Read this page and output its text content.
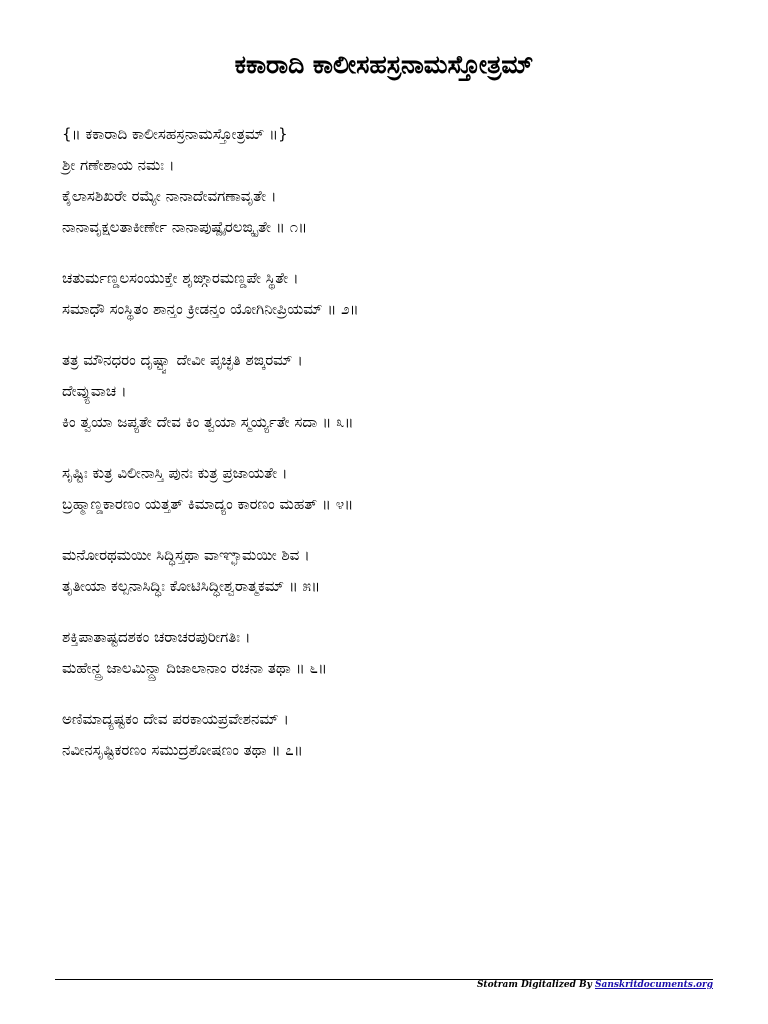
ಕಕಾರಾದಿ ಕಾಲೀಸಹಸ್ರನಾಮಸ್ತೋತ್ರಮ್
{॥ ಕಕಾರಾದಿ ಕಾಲೀಸಹಸ್ರನಾಮಸ್ತೋತ್ರಮ್ ॥}
ಶ್ರೀ ಗಣೇಶಾಯ ನಮಃ ।
ಕೈಲಾಸಶಿಖರೇ ರಮ್ಯೇ ನಾನಾದೇವಗಣಾವೃತೇ ।
ನಾನಾವೃಕ್ಷಲತಾಕೀರ್ಣೇ ನಾನಾಪುಷ್ಪೈರಲಙ್ಕೃತೇ ॥ ೧॥
ಚತುರ್ಮಣ್ಡಲಸಂಯುಕ್ತೇ ಶೃಙ್ಗಾರಮಣ್ಡಪೇ ಸ್ಥಿತೇ ।
ಸಮಾಧೌ ಸಂಸ್ಥಿತಂ ಶಾನ್ತಂ ಕ್ರೀಡನ್ತಂ ಯೋಗಿನೀಪ್ರಿಯಮ್ ॥ ೨॥
ತತ್ರ ಮೌನಧರಂ ದೃಷ್ಟ್ವಾ ದೇವೀ ಪೃಚ್ಛತಿ ಶಙ್ಕರಮ್ ।
ದೇವ್ಯುವಾಚ ।
ಕಿಂ ತ್ವಯಾ ಜಪ್ಯತೇ ದೇವ ಕಿಂ ತ್ವಯಾ ಸ್ಮರ್ಯ್ಯತೇ ಸದಾ ॥ ೩॥
ಸೃಷ್ಟಿಃ ಕುತ್ರ ವಿಲೀನಾಸ್ತಿ ಪುನಃ ಕುತ್ರ ಪ್ರಜಾಯತೇ ।
ಬ್ರಹ್ಮಾಣ್ಡಕಾರಣಂ ಯತ್ತತ್ ಕಿಮಾದ್ಯಂ ಕಾರಣಂ ಮಹತ್ ॥ ೪॥
ಮನೋರಥಮಯೀ ಸಿದ್ಧಿಸ್ತಥಾ ವಾಞ್ಛಾಮಯೀ ಶಿವ ।
ತೃತೀಯಾ ಕಲ್ಪನಾಸಿದ್ಧಿಃ ಕೋಟಿಸಿದ್ಧೀಶ್ವರಾತ್ಮಕಮ್ ॥ ೫॥
ಶಕ್ತಿಪಾತಾಷ್ಟದಶಕಂ ಚರಾಚರಪುರೀಗತಿಃ ।
ಮಹೇನ್ದ್ರ ಜಾಲಮಿನ್ದ್ರಾ ದಿಜಾಲಾನಾಂ ರಚನಾ ತಥಾ ॥ ೬॥
ಅಣಿಮಾದ್ಯಷ್ಟಕಂ ದೇವ ಪರಕಾಯಪ್ರವೇಶನಮ್ ।
ನವೀನಸೃಷ್ಟಿಕರಣಂ ಸಮುದ್ರಶೋಷಣಂ ತಥಾ ॥ ೭॥
Stotram Digitalized By Sanskritdocuments.org
